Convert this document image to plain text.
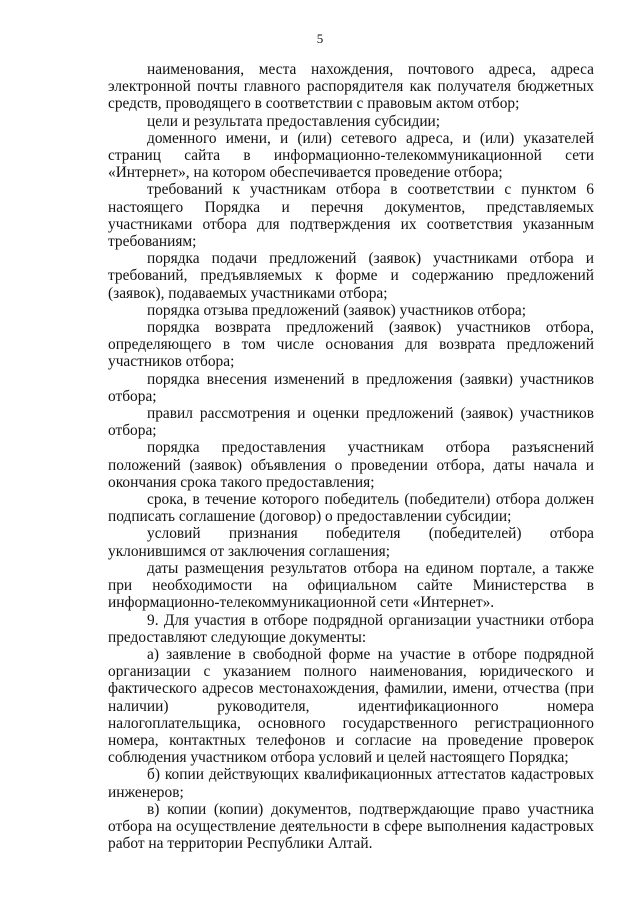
5

наименования, места нахождения, почтового адреса, адреса электронной почты главного распорядителя как получателя бюджетных средств, проводящего в соответствии с правовым актом отбор;

цели и результата предоставления субсидии;

доменного имени, и (или) сетевого адреса, и (или) указателей страниц сайта в информационно-телекоммуникационной сети «Интернет», на котором обеспечивается проведение отбора;

требований к участникам отбора в соответствии с пунктом 6 настоящего Порядка и перечня документов, представляемых участниками отбора для подтверждения их соответствия указанным требованиям;

порядка подачи предложений (заявок) участниками отбора и требований, предъявляемых к форме и содержанию предложений (заявок), подаваемых участниками отбора;

порядка отзыва предложений (заявок) участников отбора;

порядка возврата предложений (заявок) участников отбора, определяющего в том числе основания для возврата предложений участников отбора;

порядка внесения изменений в предложения (заявки) участников отбора;

правил рассмотрения и оценки предложений (заявок) участников отбора;

порядка предоставления участникам отбора разъяснений положений (заявок) объявления о проведении отбора, даты начала и окончания срока такого предоставления;

срока, в течение которого победитель (победители) отбора должен подписать соглашение (договор) о предоставлении субсидии;

условий признания победителя (победителей) отбора уклонившимся от заключения соглашения;

даты размещения результатов отбора на едином портале, а также при необходимости на официальном сайте Министерства в информационно-телекоммуникационной сети «Интернет».

9. Для участия в отборе подрядной организации участники отбора предоставляют следующие документы:

а) заявление в свободной форме на участие в отборе подрядной организации с указанием полного наименования, юридического и фактического адресов местонахождения, фамилии, имени, отчества (при наличии) руководителя, идентификационного номера налогоплательщика, основного государственного регистрационного номера, контактных телефонов и согласие на проведение проверок соблюдения участником отбора условий и целей настоящего Порядка;

б) копии действующих квалификационных аттестатов кадастровых инженеров;

в) копии (копии) документов, подтверждающие право участника отбора на осуществление деятельности в сфере выполнения кадастровых работ на территории Республики Алтай.
